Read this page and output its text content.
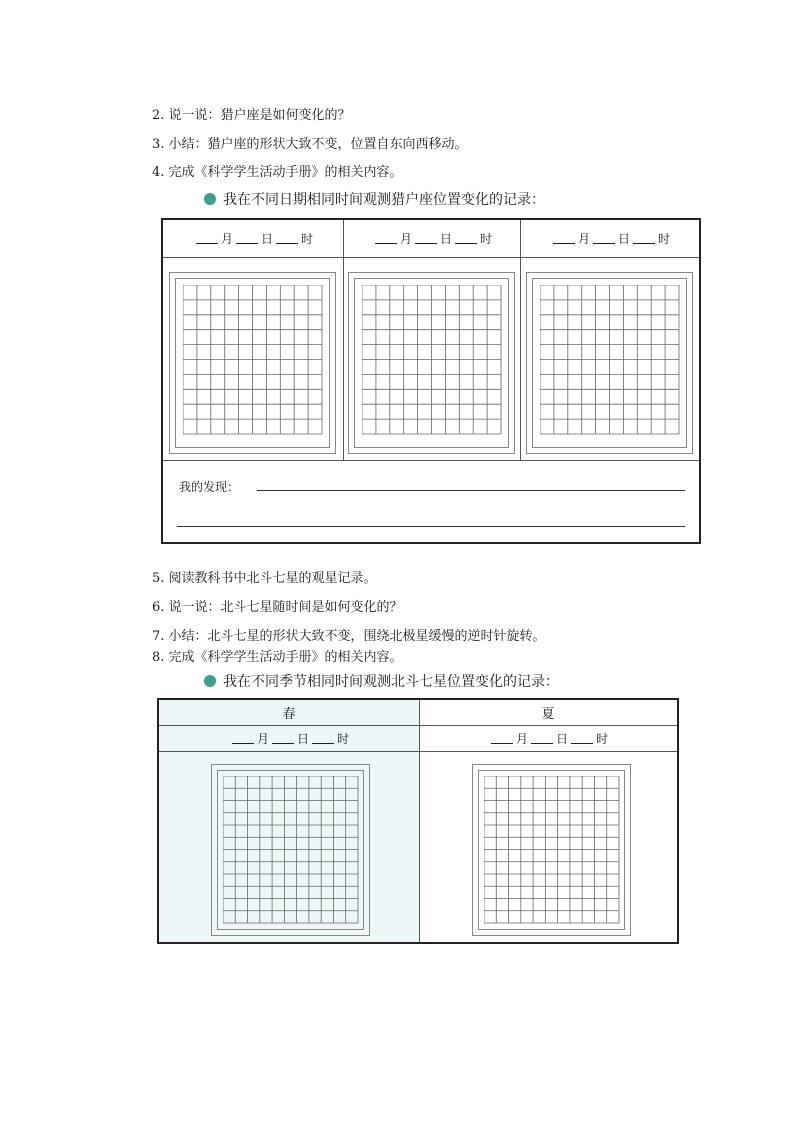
2. 说一说：猎户座是如何变化的？
3. 小结：猎户座的形状大致不变，位置自东向西移动。
4. 完成《科学学生活动手册》的相关内容。
我在不同日期相同时间观测猎户座位置变化的记录：
月 日 时	月 日 时	月 日 时
我的发现：
5. 阅读教科书中北斗七星的观星记录。
6. 说一说：北斗七星随时间是如何变化的？
7. 小结：北斗七星的形状大致不变，围绕北极星缓慢的逆时针旋转。
8. 完成《科学学生活动手册》的相关内容。
我在不同季节相同时间观测北斗七星位置变化的记录：
春	夏
月 日 时	月 日 时
